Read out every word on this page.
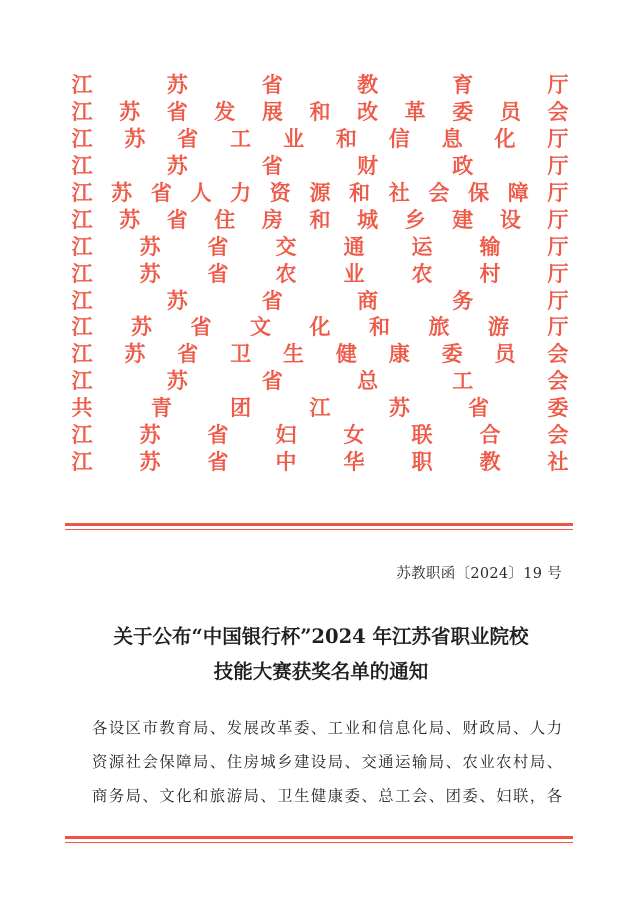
江	苏	省	教	育	厅
江 苏 省 发 展 和 改 革 委 员 会
江 苏 省 工 业 和 信 息 化 厅
江	苏	省	财	政	厅
江 苏 省 人 力 资 源 和 社 会 保 障 厅
江 苏 省 住 房 和 城 乡 建 设 厅
江 苏 省 交 通 运 输 厅
江 苏 省 农 业 农 村 厅
江	苏	省	商	务	厅
江 苏 省 文 化 和 旅 游 厅
江 苏 省 卫 生 健 康 委 员 会
江	苏	省	总	工	会
共	青	团	江	苏	省	委
江 苏 省 妇 女 联 合 会
江 苏 省 中 华 职 教 社
苏教职函〔2024〕19 号
关于公布“中国银行杯”2024 年江苏省职业院校
技能大赛获奖名单的通知
各设区市教育局、发展改革委、工业和信息化局、财政局、人力
资源社会保障局、住房城乡建设局、交通运输局、农业农村局、
商务局、文化和旅游局、卫生健康委、总工会、团委、妇联，各
